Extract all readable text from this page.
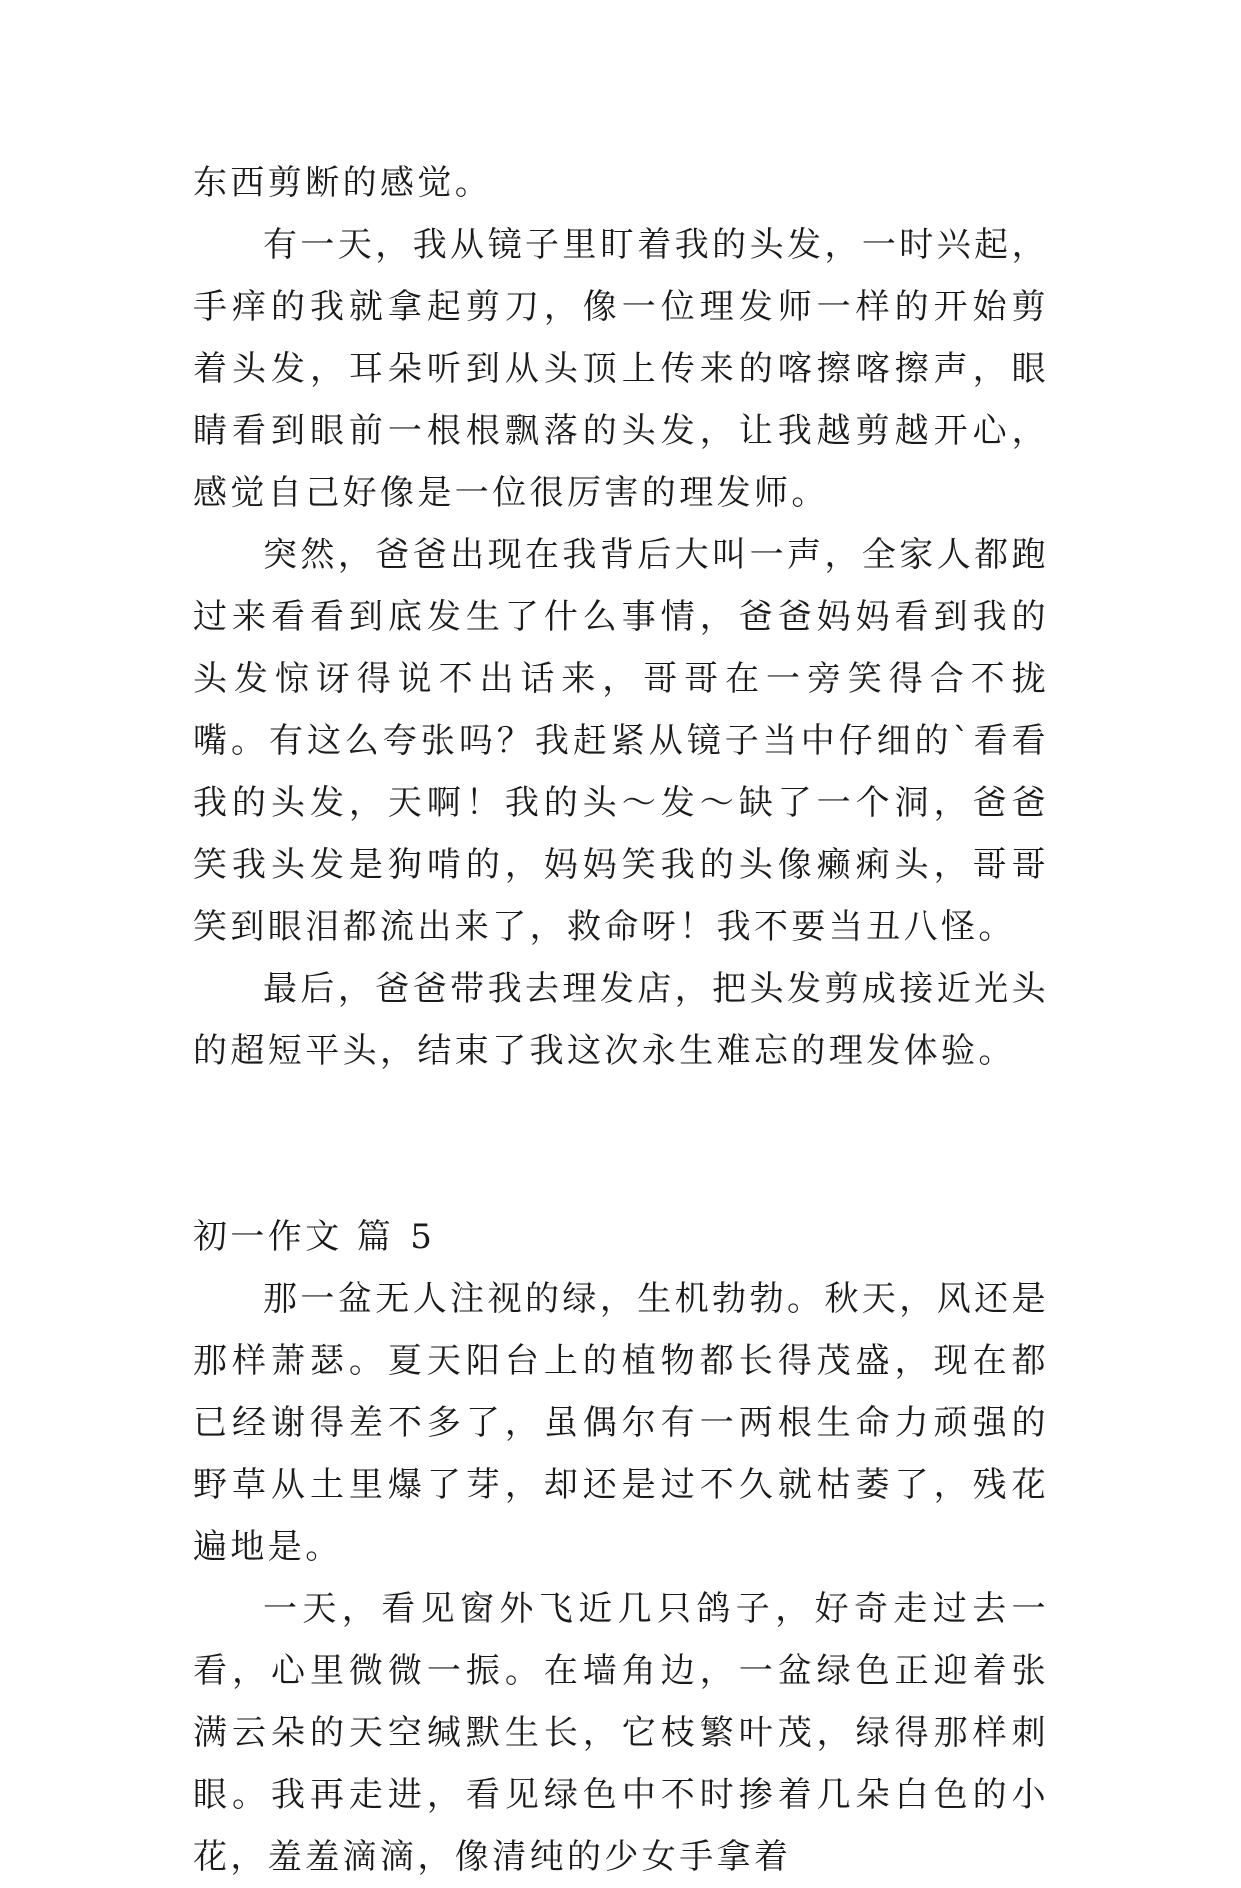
东西剪断的感觉。

有一天，我从镜子里盯着我的头发，一时兴起，手痒的我就拿起剪刀，像一位理发师一样的开始剪着头发，耳朵听到从头顶上传来的喀擦喀擦声，眼睛看到眼前一根根飘落的头发，让我越剪越开心，感觉自己好像是一位很厉害的理发师。

突然，爸爸出现在我背后大叫一声，全家人都跑过来看看到底发生了什么事情，爸爸妈妈看到我的头发惊讶得说不出话来，哥哥在一旁笑得合不拢嘴。有这么夸张吗？我赶紧从镜子当中仔细的`看看我的头发，天啊！我的头～发～缺了一个洞，爸爸笑我头发是狗啃的，妈妈笑我的头像癞痢头，哥哥笑到眼泪都流出来了，救命呀！我不要当丑八怪。

最后，爸爸带我去理发店，把头发剪成接近光头的超短平头，结束了我这次永生难忘的理发体验。

初一作文 篇 5

那一盆无人注视的绿，生机勃勃。秋天，风还是那样萧瑟。夏天阳台上的植物都长得茂盛，现在都已经谢得差不多了，虽偶尔有一两根生命力顽强的野草从土里爆了芽，却还是过不久就枯萎了，残花遍地是。

一天，看见窗外飞近几只鸽子，好奇走过去一看，心里微微一振。在墙角边，一盆绿色正迎着张满云朵的天空缄默生长，它枝繁叶茂，绿得那样刺眼。我再走进，看见绿色中不时掺着几朵白色的小花，羞羞滴滴，像清纯的少女手拿着
